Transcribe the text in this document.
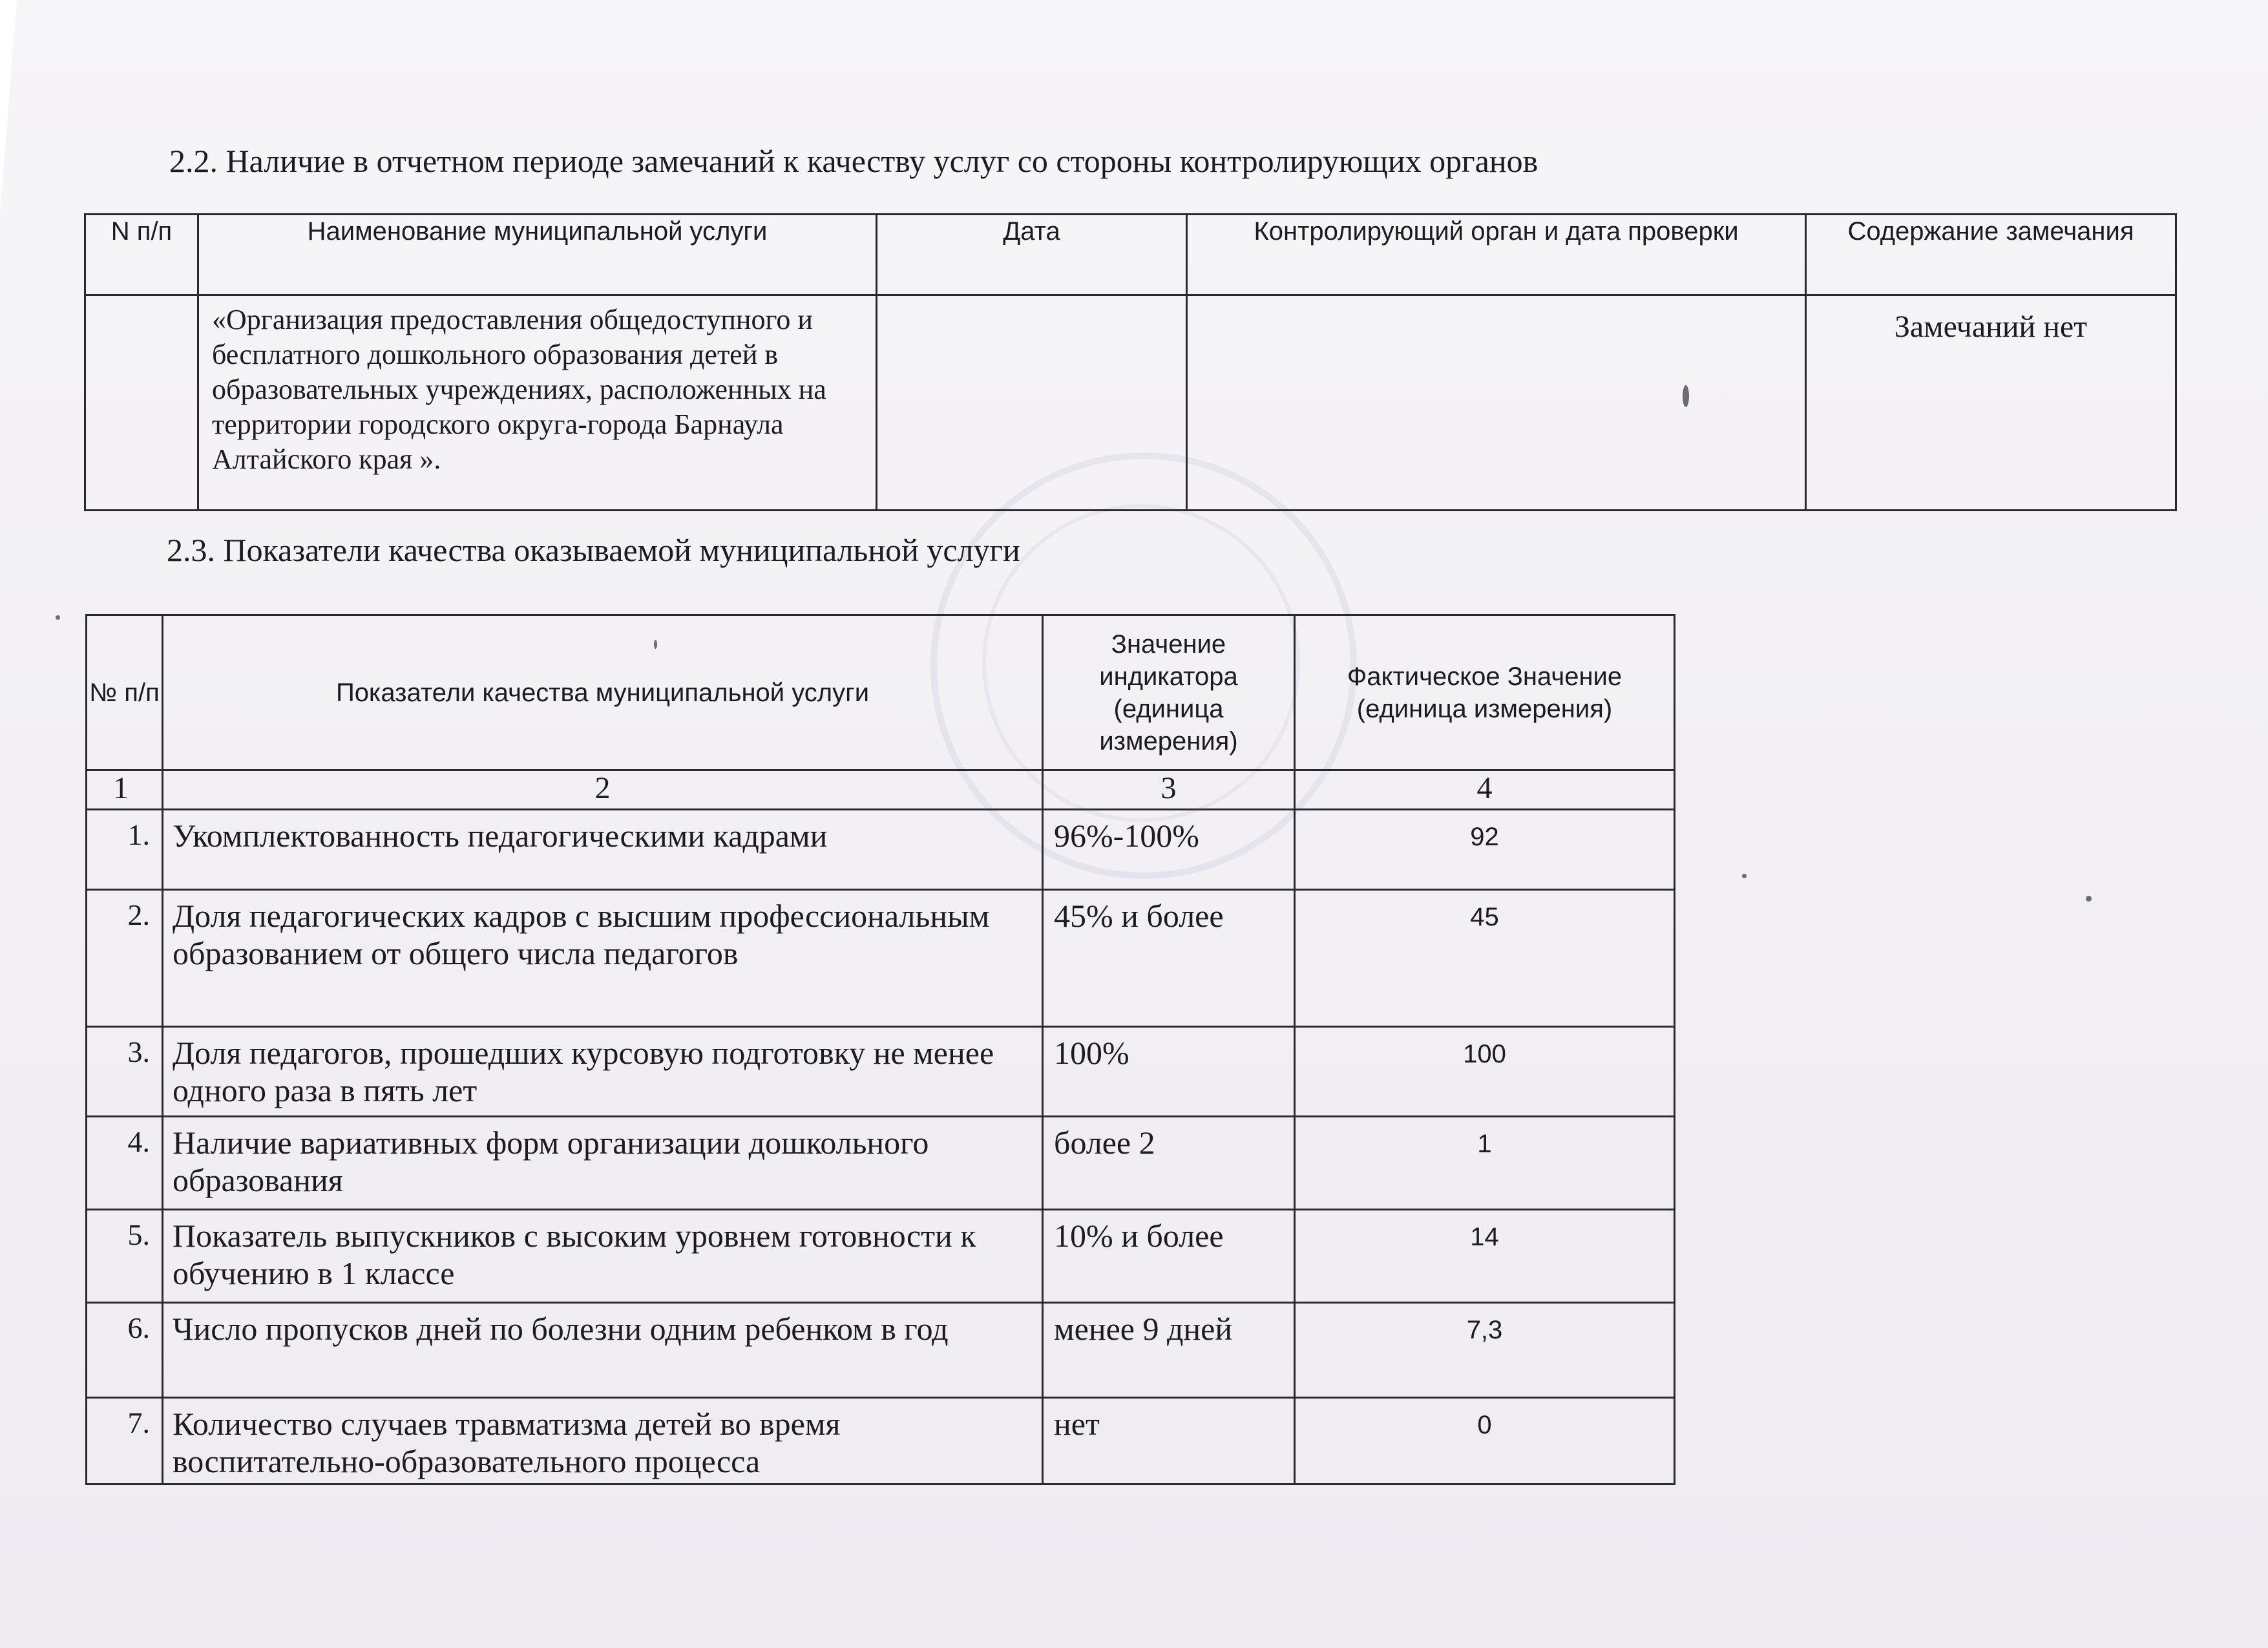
2.2. Наличие в отчетном периоде замечаний к качеству услуг со стороны контролирующих органов
N п/п	Наименование муниципальной услуги	Дата	Контролирующий орган и дата проверки	Содержание замечания
	«Организация предоставления общедоступного и бесплатного дошкольного образования детей в образовательных учреждениях, расположенных на территории городского округа-города Барнаула Алтайского края ».			Замечаний нет
2.3. Показатели качества оказываемой муниципальной услуги
№ п/п	Показатели качества муниципальной услуги	Значение индикатора (единица измерения)	Фактическое Значение (единица измерения)
1	2	3	4
1.	Укомплектованность педагогическими кадрами	96%-100%	92
2.	Доля педагогических кадров с высшим профессиональным образованием от общего числа педагогов	45% и более	45
3.	Доля педагогов, прошедших курсовую подготовку не менее одного раза в пять лет	100%	100
4.	Наличие вариативных форм организации дошкольного образования	более 2	1
5.	Показатель выпускников с высоким уровнем готовности к обучению в 1 классе	10% и более	14
6.	Число пропусков дней по болезни одним ребенком в год	менее 9 дней	7,3
7.	Количество случаев травматизма детей во время воспитательно-образовательного процесса	нет	0
